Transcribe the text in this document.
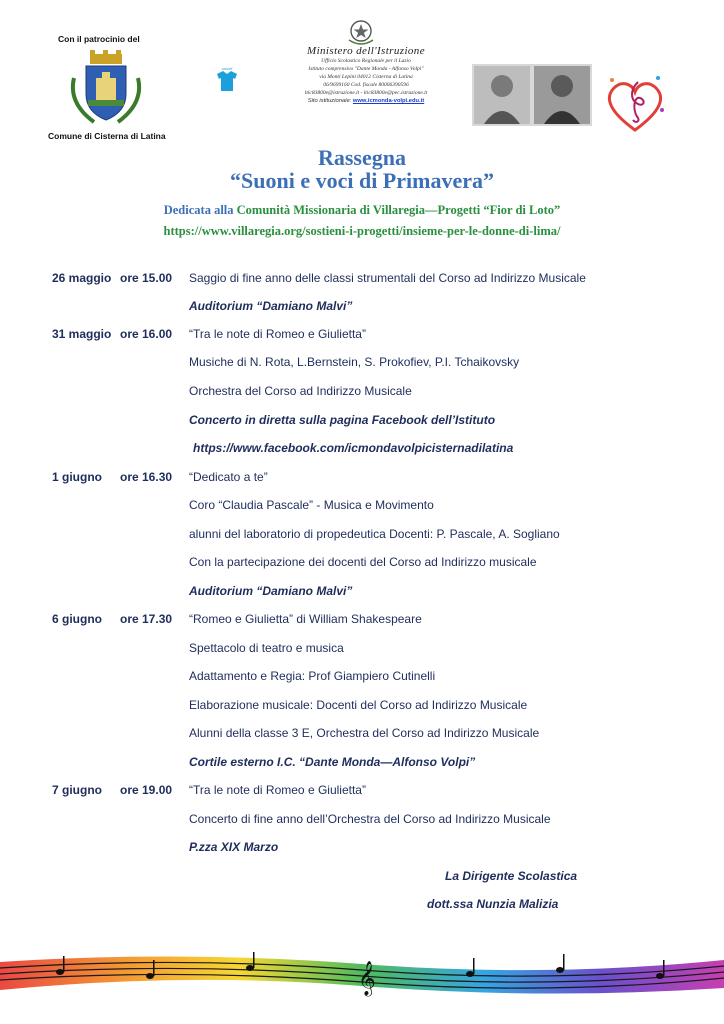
Con il patrocinio del
Comune di Cisterna di Latina
unicef
Ministero dell'Istruzione
Ufficio Scolastico Regionale per il Lazio
Istituto comprensivo "Dante Monda - Alfonso Volpi"
via Monti Lepini 04012 Cisterna di Latina
06/9699160 Cod. fiscale 80006390596
ltic83800e@istruzione.it - ltic83800e@pec.istruzione.it
Sito istituzionale: www.icmonda-volpi.edu.it
Rassegna
“Suoni e voci di Primavera”
Dedicata alla Comunità Missionaria di Villaregia—Progetti “Fior di Loto”
https://www.villaregia.org/sostieni-i-progetti/insieme-per-le-donne-di-lima/
26 maggio ore 15.00 Saggio di fine anno delle classi strumentali del Corso ad Indirizzo Musicale
Auditorium “Damiano Malvi”
31 maggio ore 16.00 “Tra le note di Romeo e Giulietta”
Musiche di N. Rota, L.Bernstein, S. Prokofiev, P.I. Tchaikovsky
Orchestra del Corso ad Indirizzo Musicale
Concerto in diretta sulla pagina Facebook dell’Istituto
https://www.facebook.com/icmondavolpicisternadilatina
1 giugno ore 16.30 “Dedicato a te”
Coro “Claudia Pascale” - Musica e Movimento
alunni del laboratorio di propedeutica Docenti: P. Pascale, A. Sogliano
Con la partecipazione dei docenti del Corso ad Indirizzo musicale
Auditorium “Damiano Malvi”
6 giugno ore 17.30 “Romeo e Giulietta” di William Shakespeare
Spettacolo di teatro e musica
Adattamento e Regia: Prof Giampiero Cutinelli
Elaborazione musicale: Docenti del Corso ad Indirizzo Musicale
Alunni della classe 3 E, Orchestra del Corso ad Indirizzo Musicale
Cortile esterno I.C. “Dante Monda—Alfonso Volpi”
7 giugno ore 19.00 “Tra le note di Romeo e Giulietta”
Concerto di fine anno dell’Orchestra del Corso ad Indirizzo Musicale
P.zza XIX Marzo
La Dirigente Scolastica
dott.ssa Nunzia Malizia
𝄞
